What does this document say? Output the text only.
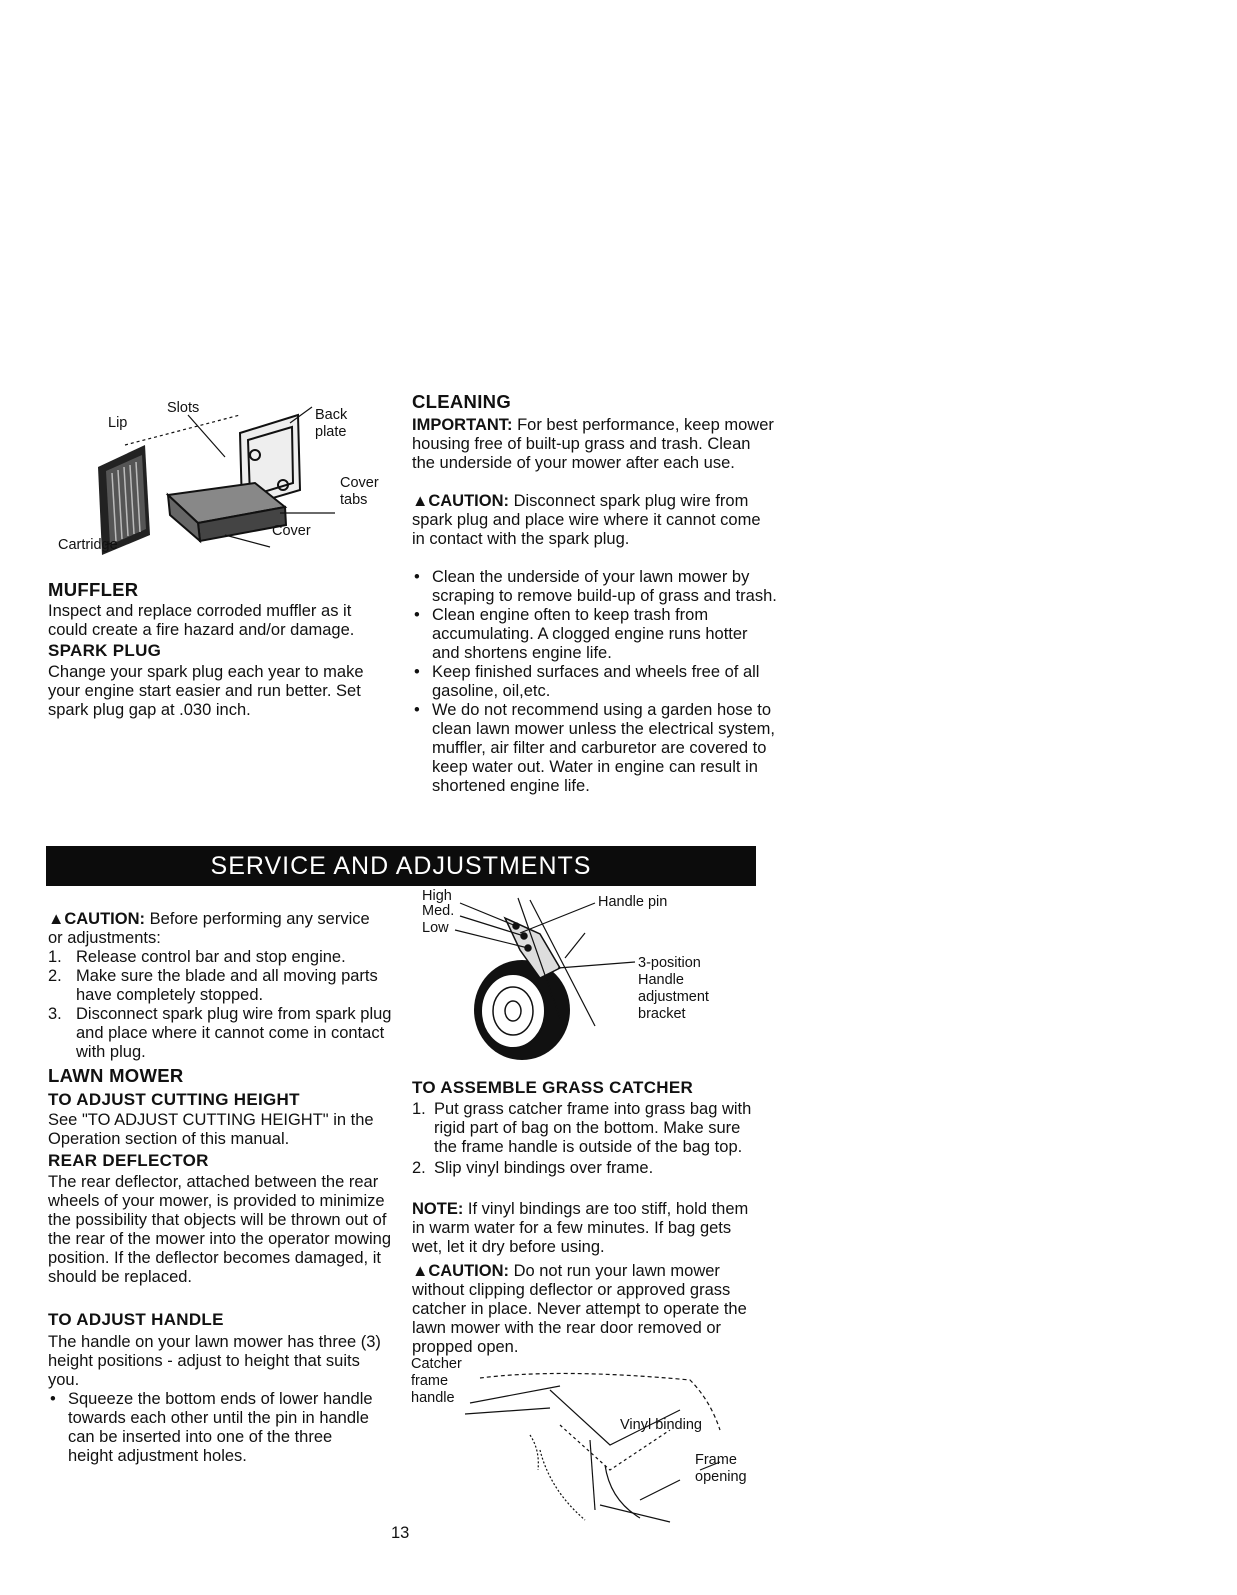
Lip
Slots	Back
plate
Cover
tabs
Cover
Cartridge
MUFFLER
Inspect and replace corroded muffler as it could create a fire hazard and/or damage.
SPARK PLUG
Change your spark plug each year to make your engine start easier and run better. Set spark plug gap at .030 inch.
CLEANING
IMPORTANT: For best performance, keep mower housing free of built-up grass and trash. Clean the underside of your mower after each use.
▲CAUTION: Disconnect spark plug wire from spark plug and place wire where it cannot come in contact with the spark plug.
• Clean the underside of your lawn mower by scraping to remove build-up of grass and trash.
• Clean engine often to keep trash from accumulating. A clogged engine runs hotter and shortens engine life.
• Keep finished surfaces and wheels free of all gasoline, oil,etc.
• We do not recommend using a garden hose to clean lawn mower unless the electrical system, muffler, air filter and carburetor are covered to keep water out. Water in engine can result in shortened engine life.
SERVICE AND ADJUSTMENTS
▲CAUTION: Before performing any service or adjustments:
1. Release control bar and stop engine.
2. Make sure the blade and all moving parts have completely stopped.
3. Disconnect spark plug wire from spark plug and place where it cannot come in contact with plug.
LAWN MOWER
TO ADJUST CUTTING HEIGHT
See "TO ADJUST CUTTING HEIGHT" in the Operation section of this manual.
REAR DEFLECTOR
The rear deflector, attached between the rear wheels of your mower, is provided to minimize the possibility that objects will be thrown out of the rear of the mower into the operator mowing position. If the deflector becomes damaged, it should be replaced.
TO ADJUST HANDLE
The handle on your lawn mower has three (3) height positions - adjust to height that suits you.
• Squeeze the bottom ends of lower handle towards each other until the pin in handle can be inserted into one of the three height adjustment holes.
High
Med.
Low
Handle pin
3-position
Handle
adjustment
bracket
TO ASSEMBLE GRASS CATCHER
1. Put grass catcher frame into grass bag with rigid part of bag on the bottom. Make sure the frame handle is outside of the bag top.
2. Slip vinyl bindings over frame.
NOTE: If vinyl bindings are too stiff, hold them in warm water for a few minutes. If bag gets wet, let it dry before using.
▲CAUTION: Do not run your lawn mower without clipping deflector or approved grass catcher in place. Never attempt to operate the lawn mower with the rear door removed or propped open.
Catcher
frame
handle
Vinyl binding
Frame
opening
13
